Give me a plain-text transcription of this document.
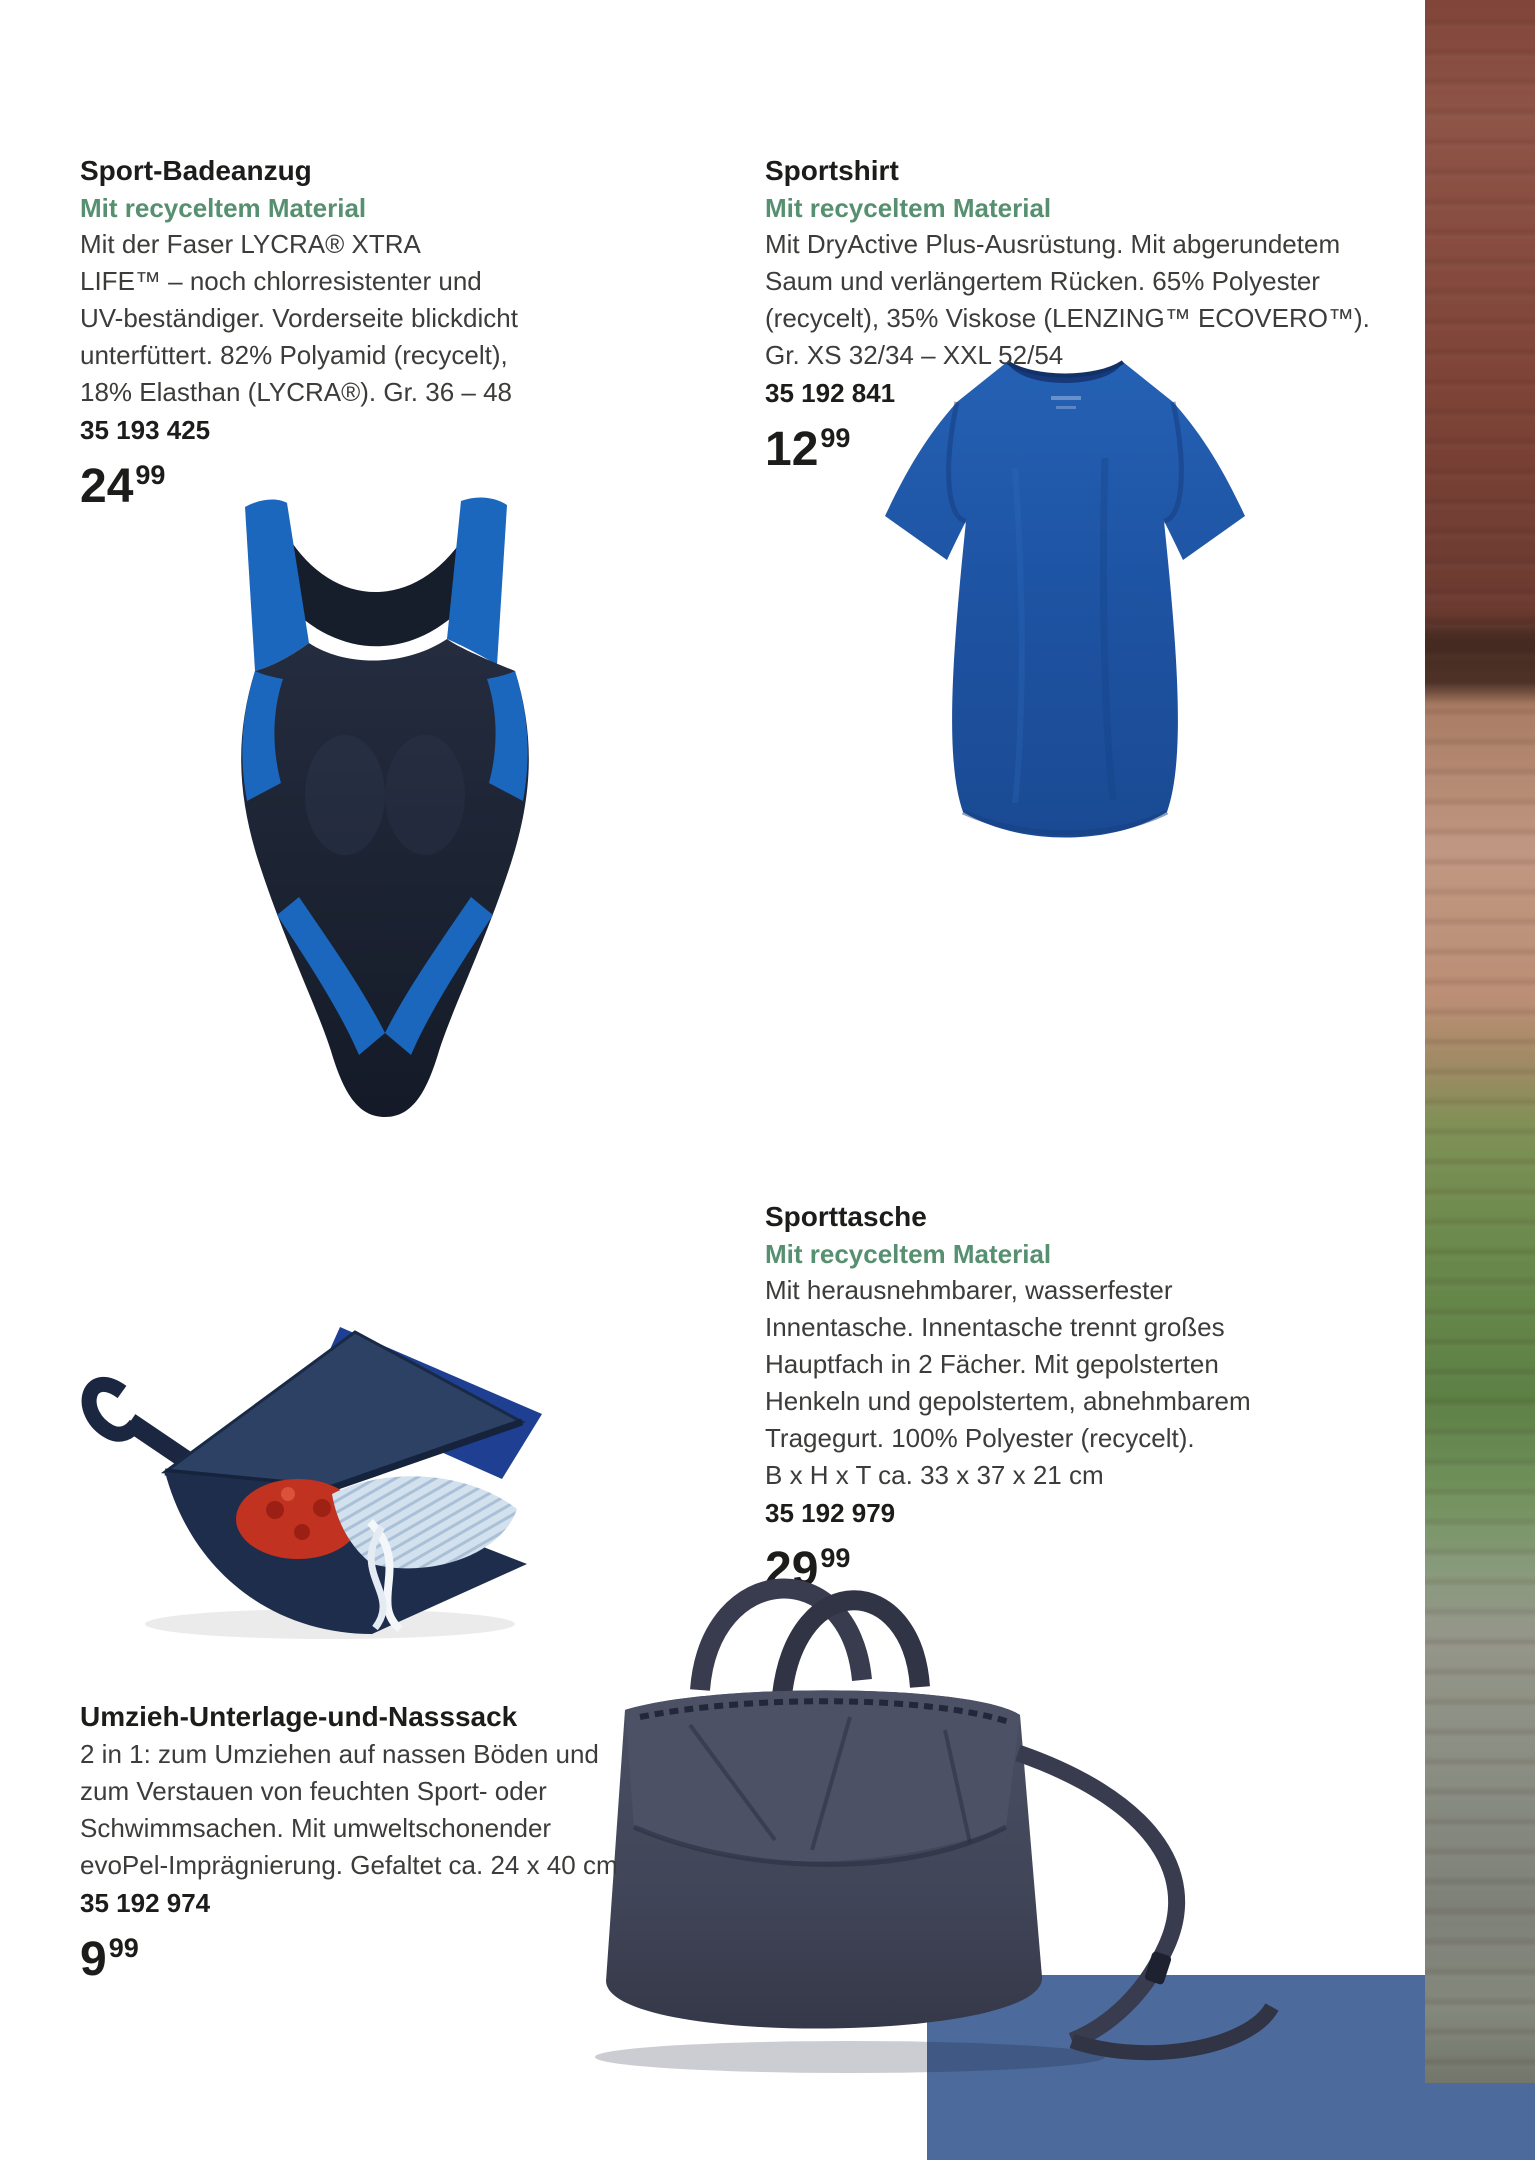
Sport-Badeanzug
Mit recyceltem Material

Mit der Faser LYCRA® XTRA
LIFE™ – noch chlorresistenter und
UV-beständiger. Vorderseite blickdicht
unterfüttert. 82% Polyamid (recycelt),
18% Elasthan (LYCRA®). Gr. 36 – 48

35 193 425
$24^{99}$
Sportshirt
Mit recyceltem Material

Mit DryActive Plus-Ausrüstung. Mit abgerundetem
Saum und verlängertem Rücken. 65% Polyester
(recycelt), 35% Viskose (LENZING™ ECOVERO™).
Gr. XS 32/34 – XXL 52/54

35 192 841
$12^{99}$
Sporttasche
Mit recyceltem Material

Mit herausnehmbarer, wasserfester
Innentasche. Innentasche trennt großes
Hauptfach in 2 Fächer. Mit gepolsterten
Henkeln und gepolstertem, abnehmbarem
Tragegurt. 100% Polyester (recycelt).
B x H x T ca. 33 x 37 x 21 cm

35 192 979
$29^{99}$
Umzieh-Unterlage-und-Nasssack

2 in 1: zum Umziehen auf nassen Böden und
zum Verstauen von feuchten Sport- oder
Schwimmsachen. Mit umweltschonender
evoPel-Imprägnierung. Gefaltet ca. 24 x 40 cm

35 192 974
$9^{99}$
